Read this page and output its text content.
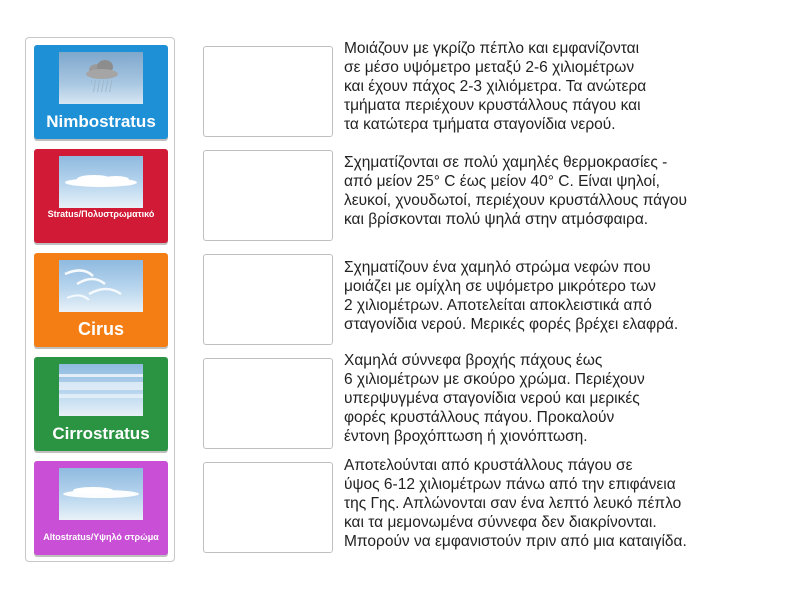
Nimbostratus
Stratus/Πολυστρωματικό
Cirus
Cirrostratus
Altostratus/Υψηλό στρώμα
Μοιάζουν με γκρίζο πέπλο και εμφανίζονται
σε μέσο υψόμετρο μεταξύ 2-6 χιλιομέτρων
και έχουν πάχος 2-3 χιλιόμετρα. Τα ανώτερα
τμήματα περιέχουν κρυστάλλους πάγου και
τα κατώτερα τμήματα σταγονίδια νερού.
Σχηματίζονται σε πολύ χαμηλές θερμοκρασίες -
από μείον 25° C έως μείον 40° C. Είναι ψηλοί,
λευκοί, χνουδωτοί, περιέχουν κρυστάλλους πάγου
και βρίσκονται πολύ ψηλά στην ατμόσφαιρα.
Σχηματίζουν ένα χαμηλό στρώμα νεφών που
μοιάζει με ομίχλη σε υψόμετρο μικρότερο των
2 χιλιομέτρων. Αποτελείται αποκλειστικά από
σταγονίδια νερού. Μερικές φορές βρέχει ελαφρά.
Χαμηλά σύννεφα βροχής πάχους έως
6 χιλιομέτρων με σκούρο χρώμα. Περιέχουν
υπερψυγμένα σταγονίδια νερού και μερικές
φορές κρυστάλλους πάγου. Προκαλούν
έντονη βροχόπτωση ή χιονόπτωση.
Αποτελούνται από κρυστάλλους πάγου σε
ύψος 6-12 χιλιομέτρων πάνω από την επιφάνεια
της Γης. Απλώνονται σαν ένα λεπτό λευκό πέπλο
και τα μεμονωμένα σύννεφα δεν διακρίνονται.
Μπορούν να εμφανιστούν πριν από μια καταιγίδα.
